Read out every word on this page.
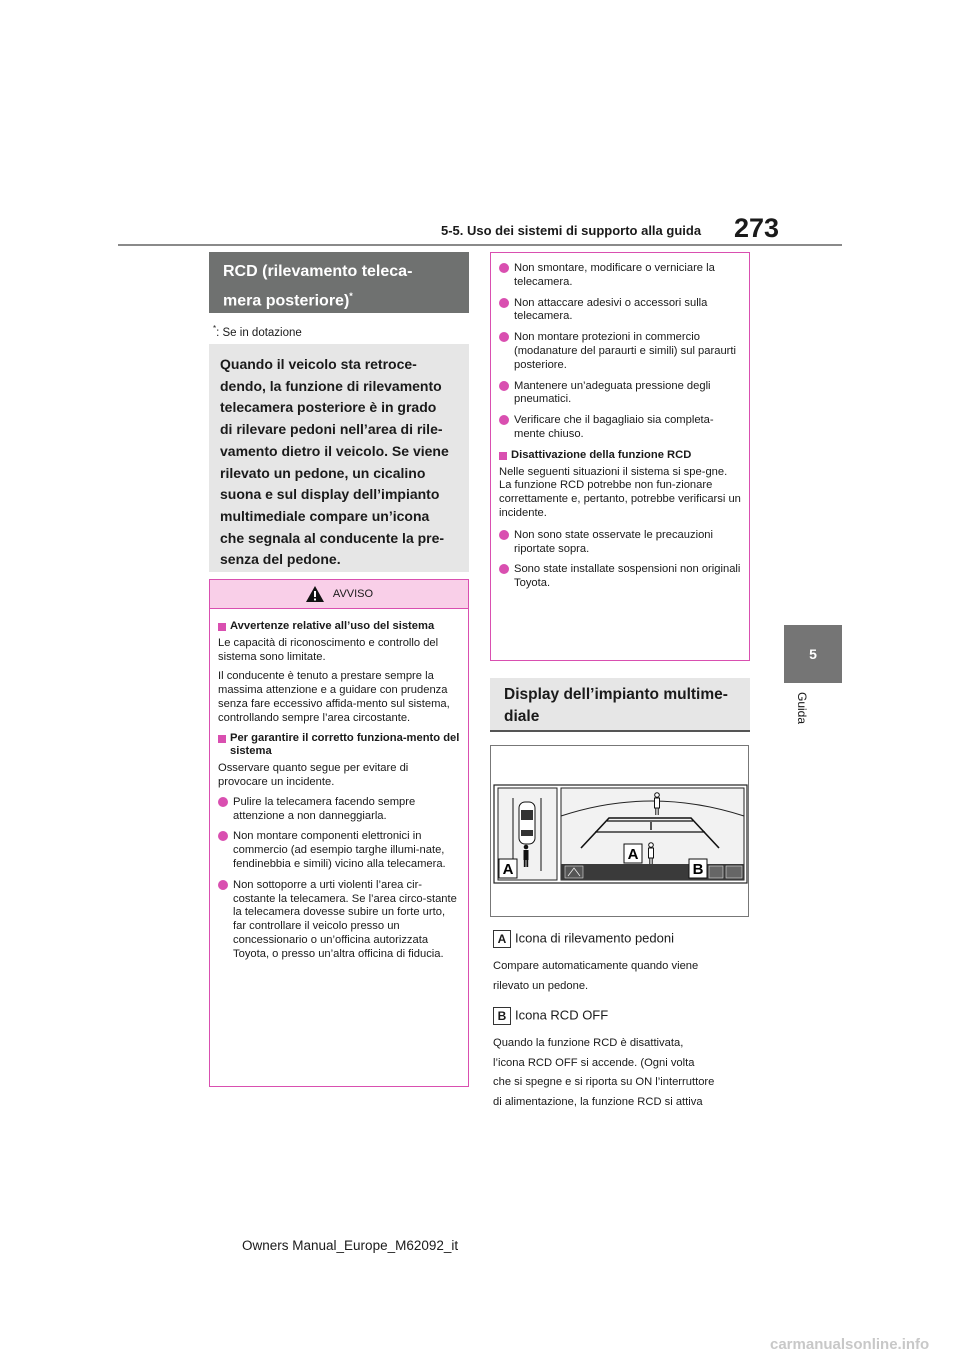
273
5-5. Uso dei sistemi di supporto alla guida
5
Guida
RCD (rilevamento teleca-
mera posteriore)*
*: Se in dotazione
Quando il veicolo sta retroce-
dendo, la funzione di rilevamento
telecamera posteriore è in grado
di rilevare pedoni nell’area di rile-
vamento dietro il veicolo. Se viene
rilevato un pedone, un cicalino
suona e sul display dell’impianto
multimediale compare un’icona
che segnala al conducente la pre-
senza del pedone.
AVVISO
Avvertenze relative all’uso del sistema

Le capacità di riconoscimento e controllo del sistema sono limitate.

Il conducente è tenuto a prestare sempre la massima attenzione e a guidare con prudenza senza fare eccessivo affida-mento sul sistema, controllando sempre l’area circostante.

Per garantire il corretto funziona-mento del sistema

Osservare quanto segue per evitare di provocare un incidente.

Pulire la telecamera facendo sempre attenzione a non danneggiarla.
Non montare componenti elettronici in commercio (ad esempio targhe illumi-nate, fendinebbia e simili) vicino alla telecamera.
Non sottoporre a urti violenti l’area cir-costante la telecamera. Se l’area circo-stante la telecamera dovesse subire un forte urto, far controllare il veicolo presso un concessionario o un’officina autorizzata Toyota, o presso un’altra officina di fiducia.
Non smontare, modificare o verniciare la telecamera.
Non attaccare adesivi o accessori sulla telecamera.
Non montare protezioni in commercio (modanature del paraurti e simili) sul paraurti posteriore.
Mantenere un’adeguata pressione degli pneumatici.
Verificare che il bagagliaio sia completa-mente chiuso.
Disattivazione della funzione RCD

Nelle seguenti situazioni il sistema si spe-gne. La funzione RCD potrebbe non fun-zionare correttamente e, pertanto, potrebbe verificarsi un incidente.

Non sono state osservate le precauzioni riportate sopra.
Sono state installate sospensioni non originali Toyota.
Display dell’impianto multime-
diale
A
A
B
A Icona di rilevamento pedoni
Compare automaticamente quando viene
rilevato un pedone.
B Icona RCD OFF
Quando la funzione RCD è disattivata,
l’icona RCD OFF si accende. (Ogni volta
che si spegne e si riporta su ON l’interruttore
di alimentazione, la funzione RCD si attiva
Owners Manual_Europe_M62092_it
carmanualsonline.info
